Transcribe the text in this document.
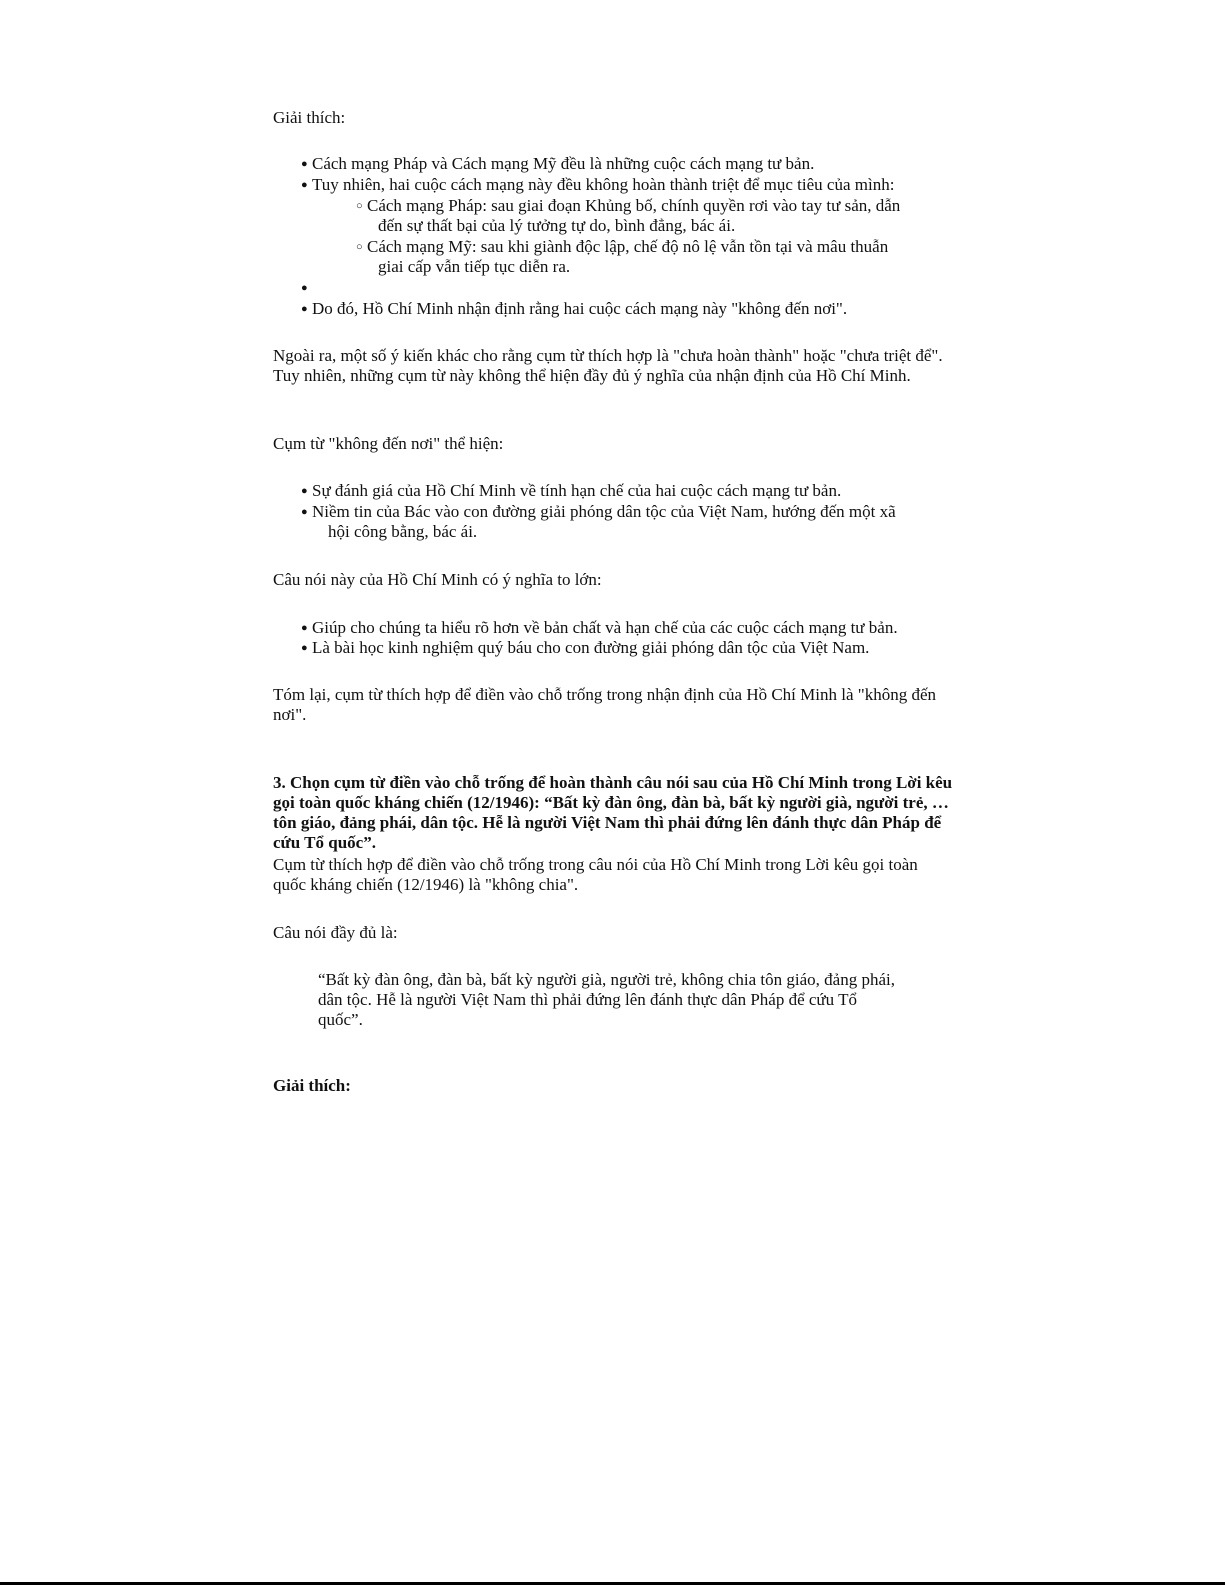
Giải thích:

● Cách mạng Pháp và Cách mạng Mỹ đều là những cuộc cách mạng tư bản.

● Tuy nhiên, hai cuộc cách mạng này đều không hoàn thành triệt để mục tiêu của mình:

○ Cách mạng Pháp: sau giai đoạn Khủng bố, chính quyền rơi vào tay tư sản, dẫn
đến sự thất bại của lý tưởng tự do, bình đẳng, bác ái.

○ Cách mạng Mỹ: sau khi giành độc lập, chế độ nô lệ vẫn tồn tại và mâu thuẫn
giai cấp vẫn tiếp tục diễn ra.

● Do đó, Hồ Chí Minh nhận định rằng hai cuộc cách mạng này "không đến nơi".

Ngoài ra, một số ý kiến khác cho rằng cụm từ thích hợp là "chưa hoàn thành" hoặc "chưa triệt để". Tuy nhiên, những cụm từ này không thể hiện đầy đủ ý nghĩa của nhận định của Hồ Chí Minh.

Cụm từ "không đến nơi" thể hiện:

● Sự đánh giá của Hồ Chí Minh về tính hạn chế của hai cuộc cách mạng tư bản.

● Niềm tin của Bác vào con đường giải phóng dân tộc của Việt Nam, hướng đến một xã
hội công bằng, bác ái.

Câu nói này của Hồ Chí Minh có ý nghĩa to lớn:

● Giúp cho chúng ta hiểu rõ hơn về bản chất và hạn chế của các cuộc cách mạng tư bản.

● Là bài học kinh nghiệm quý báu cho con đường giải phóng dân tộc của Việt Nam.

Tóm lại, cụm từ thích hợp để điền vào chỗ trống trong nhận định của Hồ Chí Minh là "không đến nơi".

3. Chọn cụm từ điền vào chỗ trống để hoàn thành câu nói sau của Hồ Chí Minh trong Lời kêu gọi toàn quốc kháng chiến (12/1946): “Bất kỳ đàn ông, đàn bà, bất kỳ người già, người trẻ, … tôn giáo, đảng phái, dân tộc. Hễ là người Việt Nam thì phải đứng lên đánh thực dân Pháp để cứu Tổ quốc”.

Cụm từ thích hợp để điền vào chỗ trống trong câu nói của Hồ Chí Minh trong Lời kêu gọi toàn quốc kháng chiến (12/1946) là "không chia".

Câu nói đầy đủ là:

“Bất kỳ đàn ông, đàn bà, bất kỳ người già, người trẻ, không chia tôn giáo, đảng phái, dân tộc. Hễ là người Việt Nam thì phải đứng lên đánh thực dân Pháp để cứu Tổ quốc”.

Giải thích:
